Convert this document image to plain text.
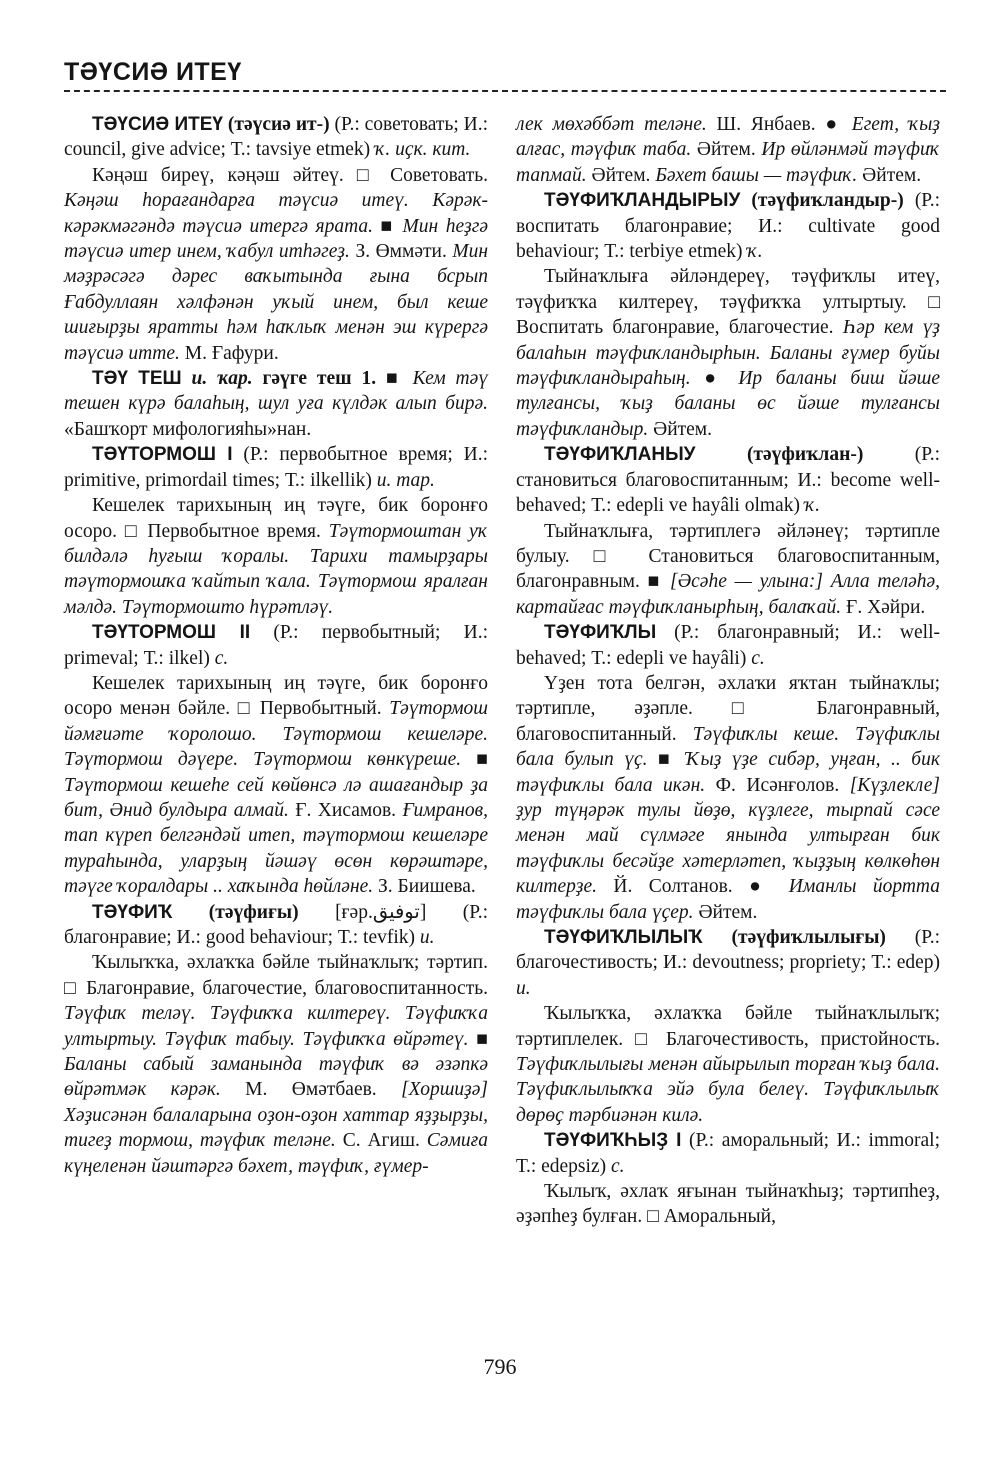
ТӘҮСИӘ ИТЕҮ

ТӘҮСИӘ ИТЕҮ (тәүсиә ит-) (Р.: советовать; И.: council, give advice; Т.: tavsiye etmek) ҡ. иҫк. кит.

Кәңәш биреү, кәңәш әйтеү. □ Советовать. Кәңәш һорағандарға тәүсиә итеү. Кәрәк-кәрәкмәгәндә тәүсиә итергә ярата. ■ Мин һеҙгә тәүсиә итер инем, ҡабул итһәгеҙ. З. Өммәти. Мин мәҙрәсәгә дәрес ваҡытында ғына бсрып Ғабдуллаян хәлфәнән уҡый инем, был кеше шиғырҙы яратты һәм һаҡлыҡ менән эш күрергә тәүсиә итте. М. Ғафури.

ТӘҮ ТЕШ и. ҡар. гәүге теш 1. ■ Кем тәү тешен күрә балаһың, шул уға күлдәк алып бирә. «Башҡорт мифологияһы»нан.

ТӘҮТОРМОШ I (Р.: первобытное время; И.: primitive, primordail times; Т.: ilkellik) и. тар.

Кешелек тарихының иң тәүге, бик боронғо осоро. □ Первобытное время. Тәүтормоштан уҡ билдәлә һуғыш ҡоралы. Тарихи тамырҙары тәүтормошҡа ҡайтып ҡала. Тәүтормош яралған мәлдә. Тәүтормошто һүрәтләү.

ТӘҮТОРМОШ II (Р.: первобытный; И.: primeval; Т.: ilkel) с.

Кешелек тарихының иң тәүге, бик боронғо осоро менән бәйле. □ Первобытный. Тәүтормош йәмғиәте ҡоролошо. Тәүтормош кешеләре. Тәүтормош дәүере. Тәүтормош көнкүреше. ■ Тәүтормош кешеһе сей көйөнсә лә ашағандыр ҙа бит, Әнид булдыра алмай. Ғ. Хисамов. Ғимранов, тап күреп белгәндәй итеп, тәүтормош кешеләре тураһында, уларҙың йәшәү өсөн көрәштәре, тәүге ҡоралдары .. хаҡында һөйләне. З. Биишева.

ТӘҮФИҠ (тәүфиғы) [ғәр.توفيق] (Р.: благонравие; И.: good behaviour; Т.: tevfik) и.

Ҡылыҡҡа, әхлаҡҡа бәйле тыйнаҡлыҡ; тәртип. □ Благонравие, благочестие, благовоспитанность. Тәүфиҡ теләү. Тәүфиҡҡа килтереү. Тәүфиҡҡа ултыртыу. Тәүфиҡ табыу. Тәүфиҡҡа өйрәтеү. ■ Баланы сабый заманында тәүфиҡ вә әзәпкә өйрәтмәк кәрәк. М. Өмәтбаев. [Хоршиҙә] Хәҙисәнән балаларына оҙон-оҙон хаттар яҙҙырҙы, тигеҙ тормош, тәүфиҡ теләне. С. Агиш. Сәмиға күңеленән йәштәргә бәхет, тәүфиҡ, ғүмер-

лек мөхәббәт теләне. Ш. Янбаев. ● Егет, ҡыҙ алғас, тәүфиҡ таба. Әйтем. Ир өйләнмәй тәүфиҡ тапмай. Әйтем. Бәхет башы — тәүфиҡ. Әйтем.

ТӘҮФИҠЛАНДЫРЫУ (тәүфиҡландыр-) (Р.: воспитать благонравие; И.: cultivate good behaviour; Т.: terbiye etmek) ҡ.

Тыйнаҡлыға әйләндереү, тәүфиҡлы итеү, тәүфиҡҡа килтереү, тәүфиҡҡа ултыртыу. □ Воспитать благонравие, благочестие. Һәр кем үҙ балаһын тәүфиҡландырһын. Баланы ғүмер буйы тәүфиҡландыраһың. ● Ир баланы биш йәше тулғансы, ҡыҙ баланы өс йәше тулғансы тәүфиҡландыр. Әйтем.

ТӘҮФИҠЛАНЫУ	(тәүфиҡлан-)	(Р.: становиться благовоспитанным; И.: become well-behaved; Т.: edepli ve hayâli olmak) ҡ.

Тыйнаҡлыға, тәртиплегә әйләнеү; тәртипле булыу. □ Становиться благовоспитанным, благонравным. ■ [Әсәһе — улына:] Алла теләһә, картайғас тәүфиҡланырһың, балаҡай. Ғ. Хәйри.

ТӘҮФИҠЛЫ (Р.: благонравный; И.: well-behaved; Т.: edepli ve hayâli) с.

Үҙен тота белгән, әхлаҡи яҡтан тыйнаҡлы; тәртипле, әҙәпле. □ Благонравный, благовоспитанный. Тәүфиҡлы кеше. Тәүфиҡлы бала булып үҫ. ■ Ҡыҙ үҙе сибәр, уңған, .. бик тәүфиҡлы бала икән. Ф. Исәнғолов. [Күҙлекле] ҙур түңәрәк тулы йөҙө, күҙлеге, тырпай сәсе менән май сүлмәге янында ултырған бик тәүфиҡлы бесәйҙе хәтерләтеп, ҡыҙҙың көлкөһөн килтерҙе. Й. Солтанов. ● Иманлы йортта тәүфиҡлы бала үҫер. Әйтем.

ТӘҮФИҠЛЫЛЫҠ (тәүфиҡлылығы) (Р.: благочестивость; И.: devoutness; propriety; Т.: edep) и.

Ҡылыҡҡа, әхлаҡҡа бәйле тыйнаҡлылыҡ; тәртиплелек. □ Благочестивость, пристойность. Тәүфиҡлылығы менән айырылып торған ҡыҙ бала. Тәүфиҡлылыҡҡа эйә була белеү. Тәүфиҡлылыҡ дөрөҫ тәрбиәнән килә.

ТӘҮФИҠҺЫҘ I (Р.: аморальный; И.: immoral; Т.: edepsiz) с.

Ҡылыҡ, әхлаҡ яғынан тыйнаҡһыҙ; тәртипһеҙ, әҙәпһеҙ булған. □ Аморальный,

796
